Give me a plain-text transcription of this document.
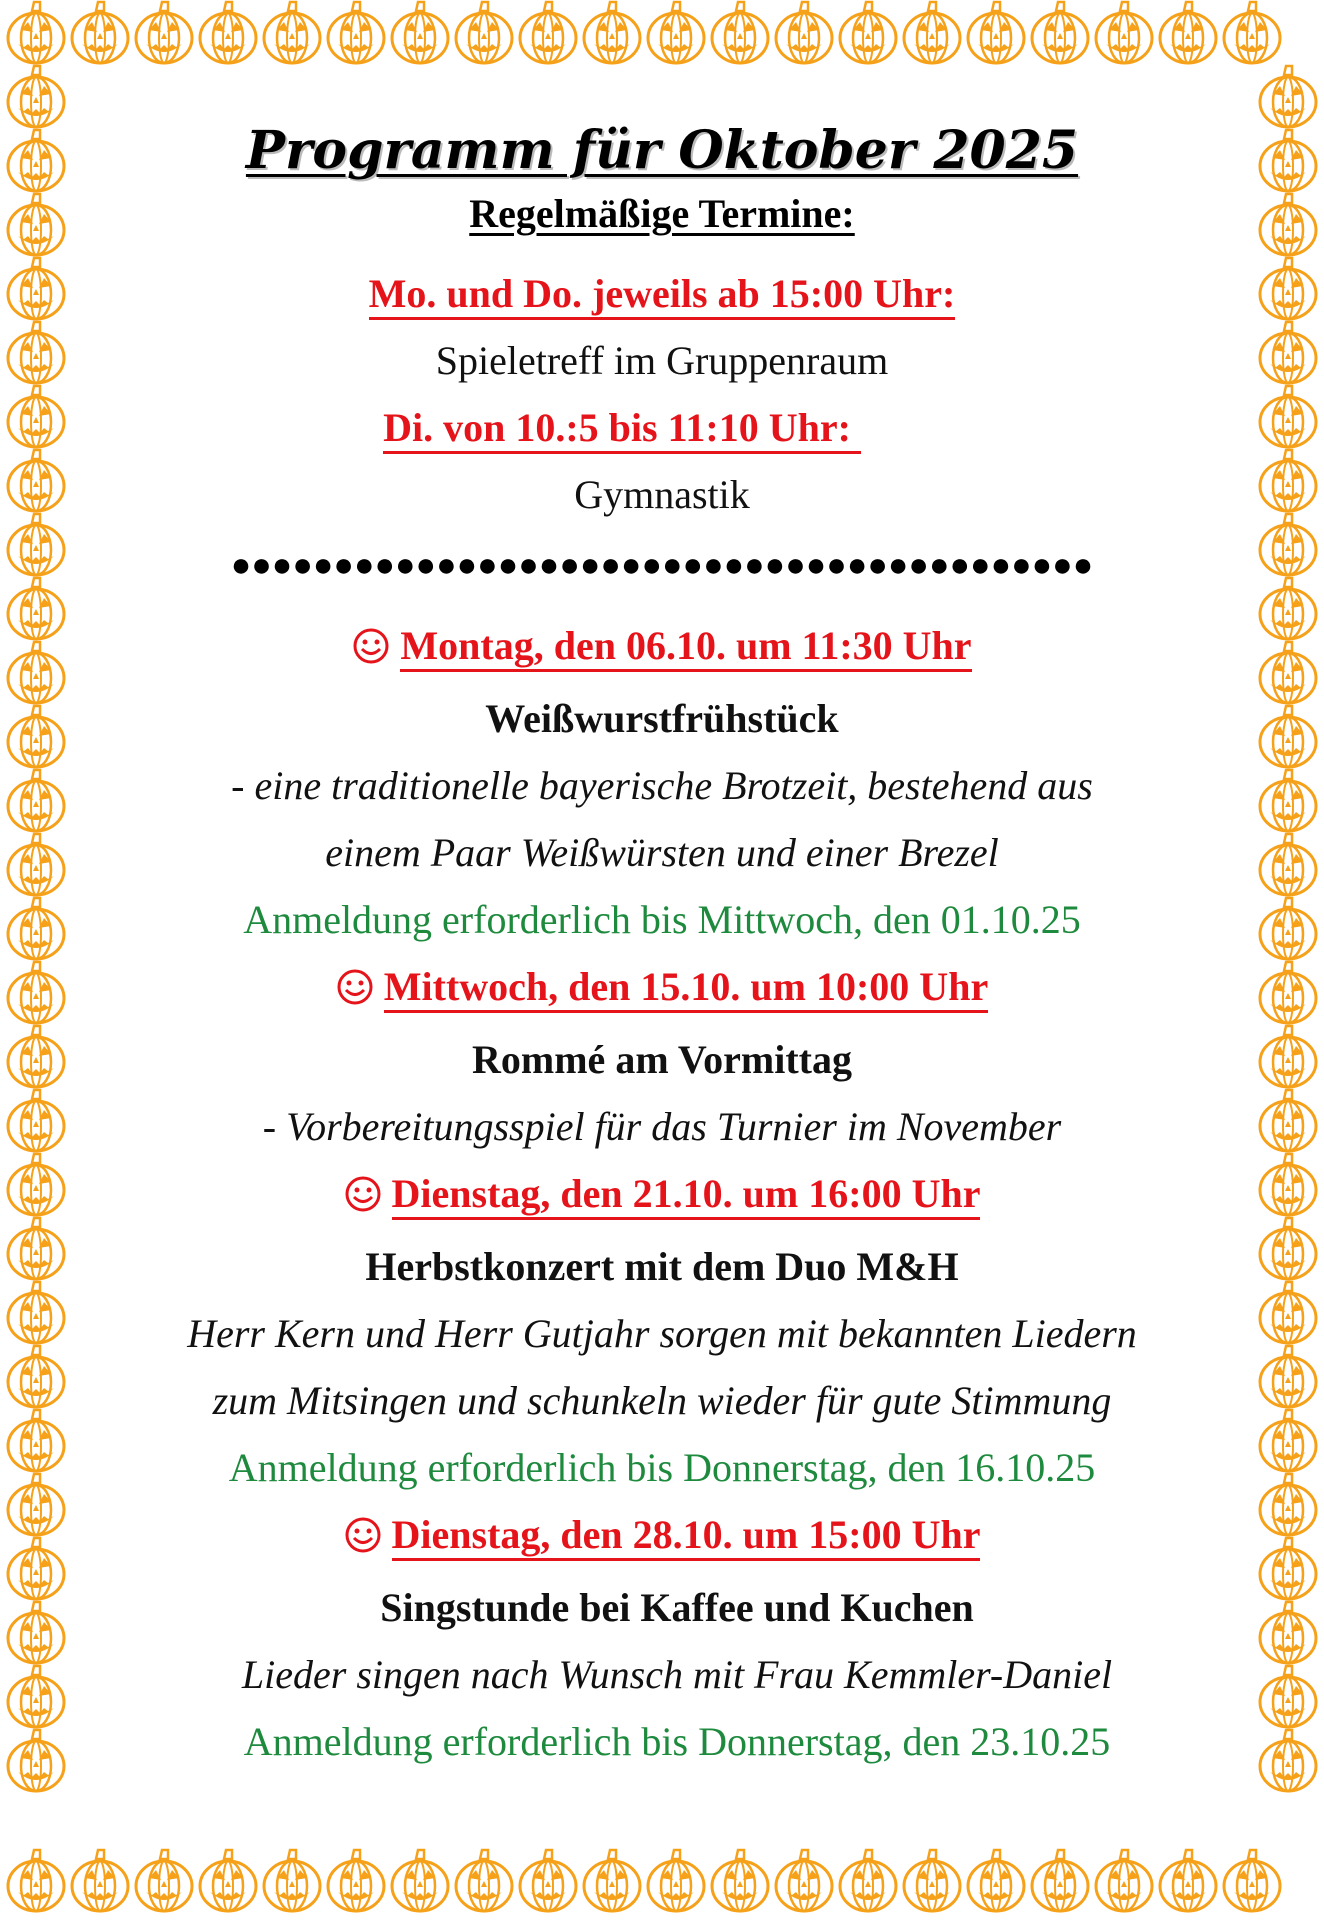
Programm für Oktober 2025
Regelmäßige Termine:
Mo. und Do. jeweils ab 15:00 Uhr:
Spieletreff im Gruppenraum
Di. von 10.:5 bis 11:10 Uhr:
Gymnastik
●●●●●●●●●●●●●●●●●●●●●●●●●●●●●●●●●●●●●●●●●●
Montag, den 06.10. um 11:30 Uhr
Weißwurstfrühstück
- eine traditionelle bayerische Brotzeit, bestehend aus
einem Paar Weißwürsten und einer Brezel
Anmeldung erforderlich bis Mittwoch, den 01.10.25
Mittwoch, den 15.10. um 10:00 Uhr
Rommé am Vormittag
- Vorbereitungsspiel für das Turnier im November
Dienstag, den 21.10. um 16:00 Uhr
Herbstkonzert mit dem Duo M&H
Herr Kern und Herr Gutjahr sorgen mit bekannten Liedern
zum Mitsingen und schunkeln wieder für gute Stimmung
Anmeldung erforderlich bis Donnerstag, den 16.10.25
Dienstag, den 28.10. um 15:00 Uhr
Singstunde bei Kaffee und Kuchen
Lieder singen nach Wunsch mit Frau Kemmler-Daniel
Anmeldung erforderlich bis Donnerstag, den 23.10.25
